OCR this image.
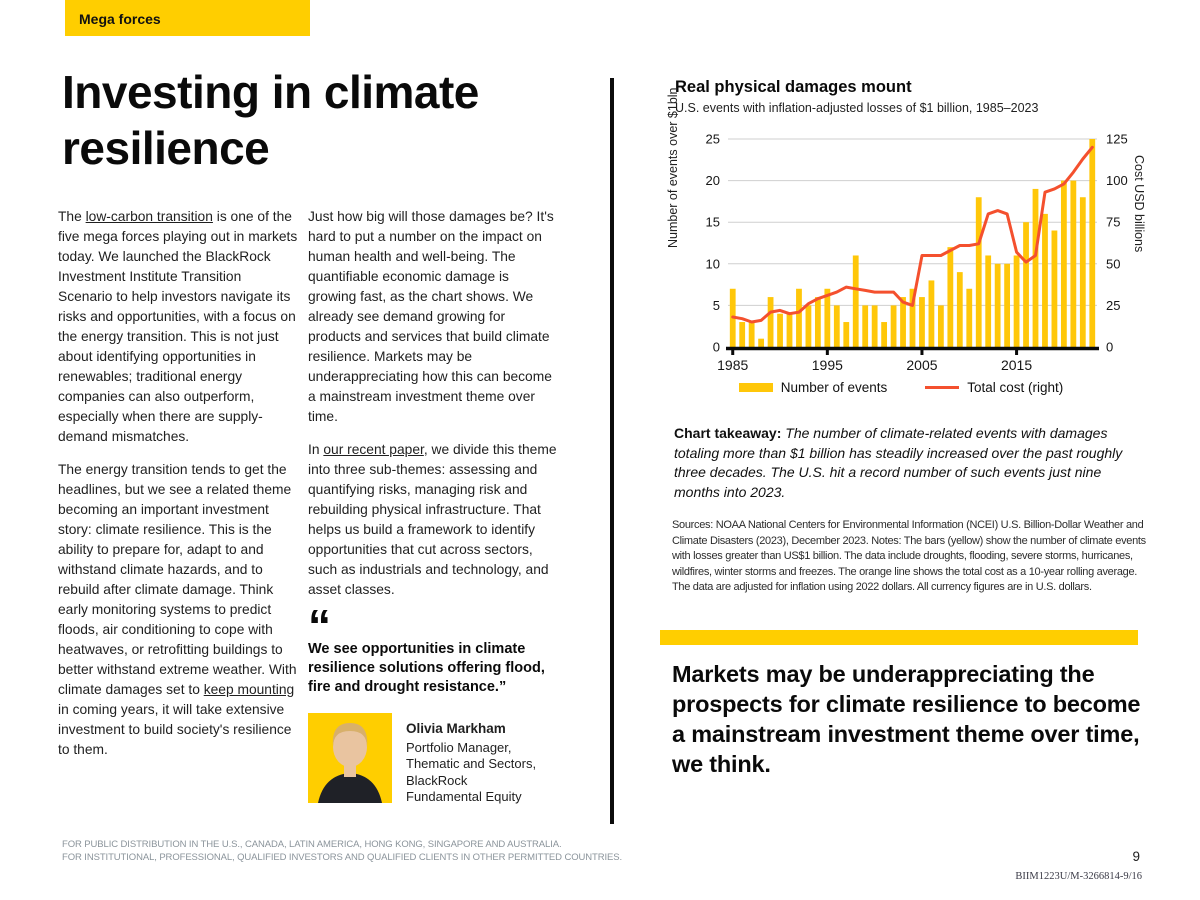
Mega forces
Investing in climate resilience

The low-carbon transition is one of the five mega forces playing out in markets today. We launched the BlackRock Investment Institute Transition Scenario to help investors navigate its risks and opportunities, with a focus on the energy transition. This is not just about identifying opportunities in renewables; traditional energy companies can also outperform, especially when there are supply-demand mismatches.

The energy transition tends to get the headlines, but we see a related theme becoming an important investment story: climate resilience. This is the ability to prepare for, adapt to and withstand climate hazards, and to rebuild after climate damage. Think early monitoring systems to predict floods, air conditioning to cope with heatwaves, or retrofitting buildings to better withstand extreme weather. With climate damages set to keep mounting in coming years, it will take extensive investment to build society's resilience to them.

Just how big will those damages be? It's hard to put a number on the impact on human health and well-being. The quantifiable economic damage is growing fast, as the chart shows. We already see demand growing for products and services that build climate resilience. Markets may be underappreciating how this can become a mainstream investment theme over time.

In our recent paper, we divide this theme into three sub-themes: assessing and quantifying risks, managing risk and rebuilding physical infrastructure. That helps us build a framework to identify opportunities that cut across sectors, such as industrials and technology, and asset classes.

“

We see opportunities in climate resilience solutions offering flood, fire and drought resistance.”

Olivia Markham
Portfolio Manager,
Thematic and Sectors,
BlackRock
Fundamental Equity
Real physical damages mount
U.S. events with inflation-adjusted losses of $1 billion, 1985–2023
0
5
10
15
20
25
0
25
50
75
100
125
1985	1995	2005	2015
Number of events over $1bln	Cost USD billions
Number of events	Total cost (right)
Chart takeaway: The number of climate-related events with damages totaling more than $1 billion has steadily increased over the past roughly three decades. The U.S. hit a record number of such events just nine months into 2023.
Sources: NOAA National Centers for Environmental Information (NCEI) U.S. Billion-Dollar Weather and Climate Disasters (2023), December 2023. Notes: The bars (yellow) show the number of climate events with losses greater than US$1 billion. The data include droughts, flooding, severe storms, hurricanes, wildfires, winter storms and freezes. The orange line shows the total cost as a 10-year rolling average. The data are adjusted for inflation using 2022 dollars. All currency figures are in U.S. dollars.
Markets may be underappreciating the prospects for climate resilience to become a mainstream investment theme over time, we think.
FOR PUBLIC DISTRIBUTION IN THE U.S., CANADA, LATIN AMERICA, HONG KONG, SINGAPORE AND AUSTRALIA.
FOR INSTITUTIONAL, PROFESSIONAL, QUALIFIED INVESTORS AND QUALIFIED CLIENTS IN OTHER PERMITTED COUNTRIES.	9
BIIM1223U/M-3266814-9/16
